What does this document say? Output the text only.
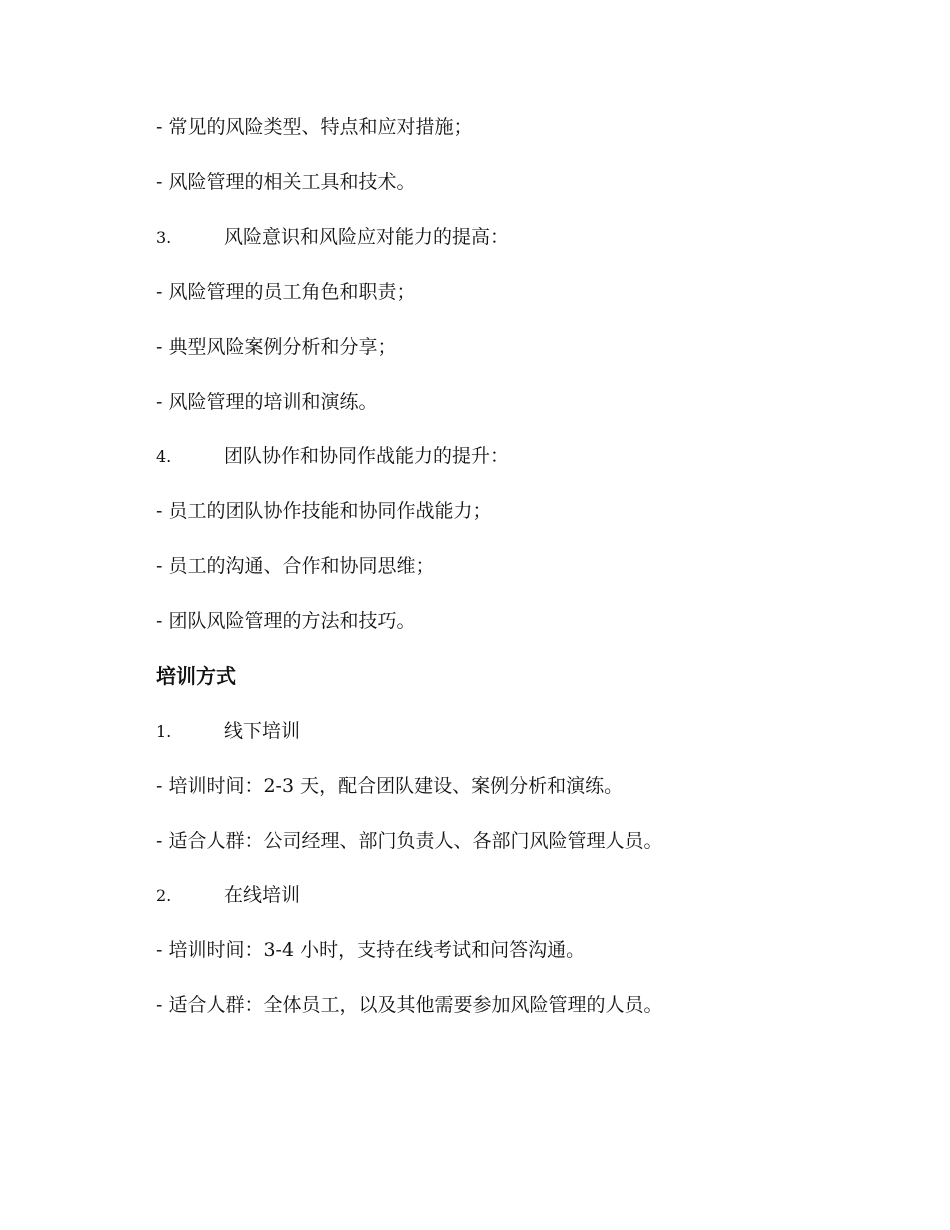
- 常见的风险类型、特点和应对措施；
- 风险管理的相关工具和技术。
3.	风险意识和风险应对能力的提高：
- 风险管理的员工角色和职责；
- 典型风险案例分析和分享；
- 风险管理的培训和演练。
4.	团队协作和协同作战能力的提升：
- 员工的团队协作技能和协同作战能力；
- 员工的沟通、合作和协同思维；
- 团队风险管理的方法和技巧。
培训方式
1.	线下培训
- 培训时间：2-3 天，配合团队建设、案例分析和演练。
- 适合人群：公司经理、部门负责人、各部门风险管理人员。
2.	在线培训
- 培训时间：3-4 小时，支持在线考试和问答沟通。
- 适合人群：全体员工，以及其他需要参加风险管理的人员。
